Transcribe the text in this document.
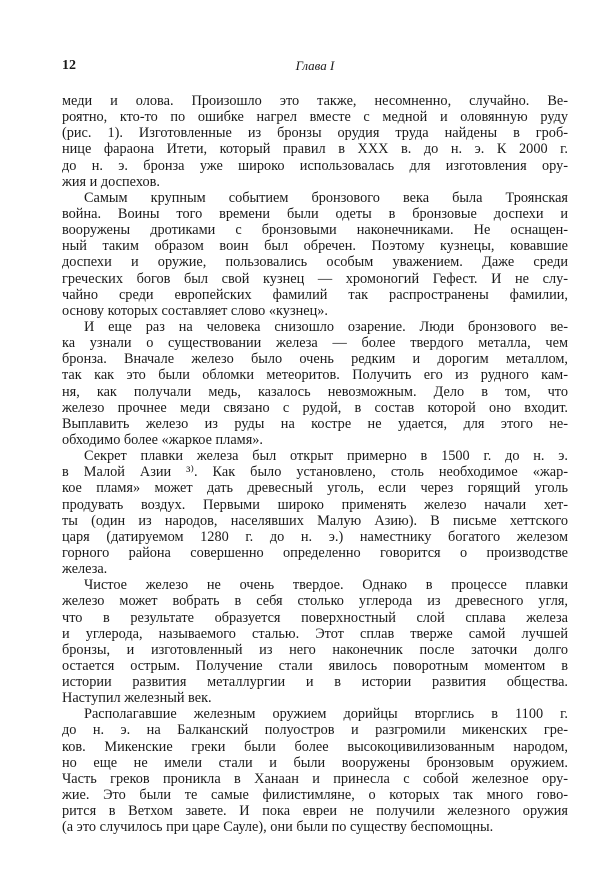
12	Глава I
меди и олова. Произошло это также, несомненно, случайно. Ве-
роятно, кто-то по ошибке нагрел вместе с медной и оловянную руду
(рис. 1). Изготовленные из бронзы орудия труда найдены в гроб-
нице фараона Итети, который правил в XXX в. до н. э. К 2000 г.
до н. э. бронза уже широко использовалась для изготовления ору-
жия и доспехов.
Самым крупным событием бронзового века была Троянская
война. Воины того времени были одеты в бронзовые доспехи и
вооружены дротиками с бронзовыми наконечниками. Не оснащен-
ный таким образом воин был обречен. Поэтому кузнецы, ковавшие
доспехи и оружие, пользовались особым уважением. Даже среди
греческих богов был свой кузнец — хромоногий Гефест. И не слу-
чайно среди европейских фамилий так распространены фамилии,
основу которых составляет слово «кузнец».
И еще раз на человека снизошло озарение. Люди бронзового ве-
ка узнали о существовании железа — более твердого металла, чем
бронза. Вначале железо было очень редким и дорогим металлом,
так как это были обломки метеоритов. Получить его из рудного кам-
ня, как получали медь, казалось невозможным. Дело в том, что
железо прочнее меди связано с рудой, в состав которой оно входит.
Выплавить железо из руды на костре не удается, для этого не-
обходимо более «жаркое пламя».
Секрет плавки железа был открыт примерно в 1500 г. до н. э.
в Малой Азии ³⁾. Как было установлено, столь необходимое «жар-
кое пламя» может дать древесный уголь, если через горящий уголь
продувать воздух. Первыми широко применять железо начали хет-
ты (один из народов, населявших Малую Азию). В письме хеттского
царя (датируемом 1280 г. до н. э.) наместнику богатого железом
горного района совершенно определенно говорится о производстве
железа.
Чистое железо не очень твердое. Однако в процессе плавки
железо может вобрать в себя столько углерода из древесного угля,
что в результате образуется поверхностный слой сплава железа
и углерода, называемого сталью. Этот сплав тверже самой лучшей
бронзы, и изготовленный из него наконечник после заточки долго
остается острым. Получение стали явилось поворотным моментом в
истории развития металлургии и в истории развития общества.
Наступил железный век.
Располагавшие железным оружием дорийцы вторглись в 1100 г.
до н. э. на Балканский полуостров и разгромили микенских гре-
ков. Микенские греки были более высокоцивилизованным народом,
но еще не имели стали и были вооружены бронзовым оружием.
Часть греков проникла в Ханаан и принесла с собой железное ору-
жие. Это были те самые филистимляне, о которых так много гово-
рится в Ветхом завете. И пока евреи не получили железного оружия
(а это случилось при царе Сауле), они были по существу беспомощны.
